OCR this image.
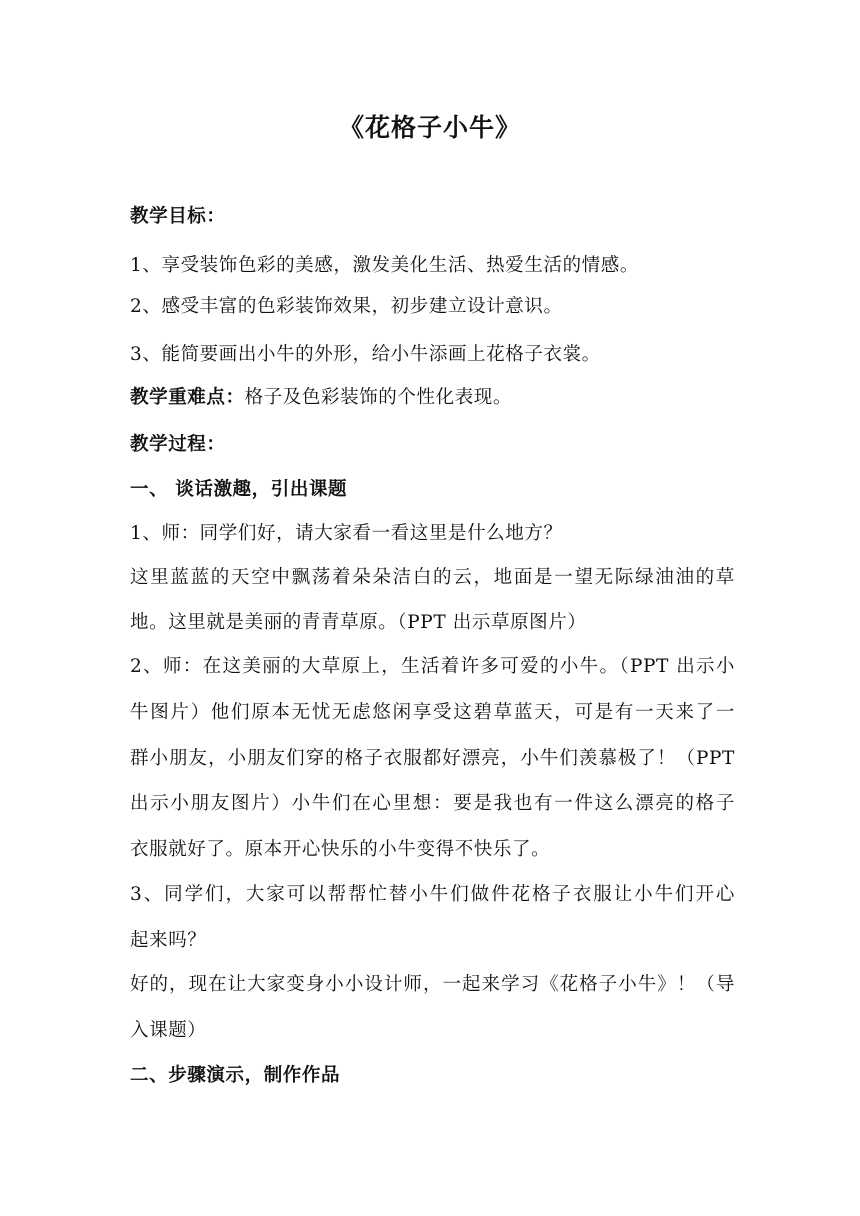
《花格子小牛》
教学目标：
1、享受装饰色彩的美感，激发美化生活、热爱生活的情感。
2、感受丰富的色彩装饰效果，初步建立设计意识。
3、能简要画出小牛的外形，给小牛添画上花格子衣裳。
教学重难点：格子及色彩装饰的个性化表现。
教学过程：
一、 谈话激趣，引出课题
1、师：同学们好，请大家看一看这里是什么地方？
这里蓝蓝的天空中飘荡着朵朵洁白的云，地面是一望无际绿油油的草
地。这里就是美丽的青青草原。（PPT 出示草原图片）
2、师：在这美丽的大草原上，生活着许多可爱的小牛。（PPT 出示小
牛图片）他们原本无忧无虑悠闲享受这碧草蓝天，可是有一天来了一
群小朋友，小朋友们穿的格子衣服都好漂亮，小牛们羡慕极了！（PPT
出示小朋友图片）小牛们在心里想：要是我也有一件这么漂亮的格子
衣服就好了。原本开心快乐的小牛变得不快乐了。
3、同学们，大家可以帮帮忙替小牛们做件花格子衣服让小牛们开心
起来吗？
好的，现在让大家变身小小设计师，一起来学习《花格子小牛》！（导
入课题）
二、步骤演示，制作作品
